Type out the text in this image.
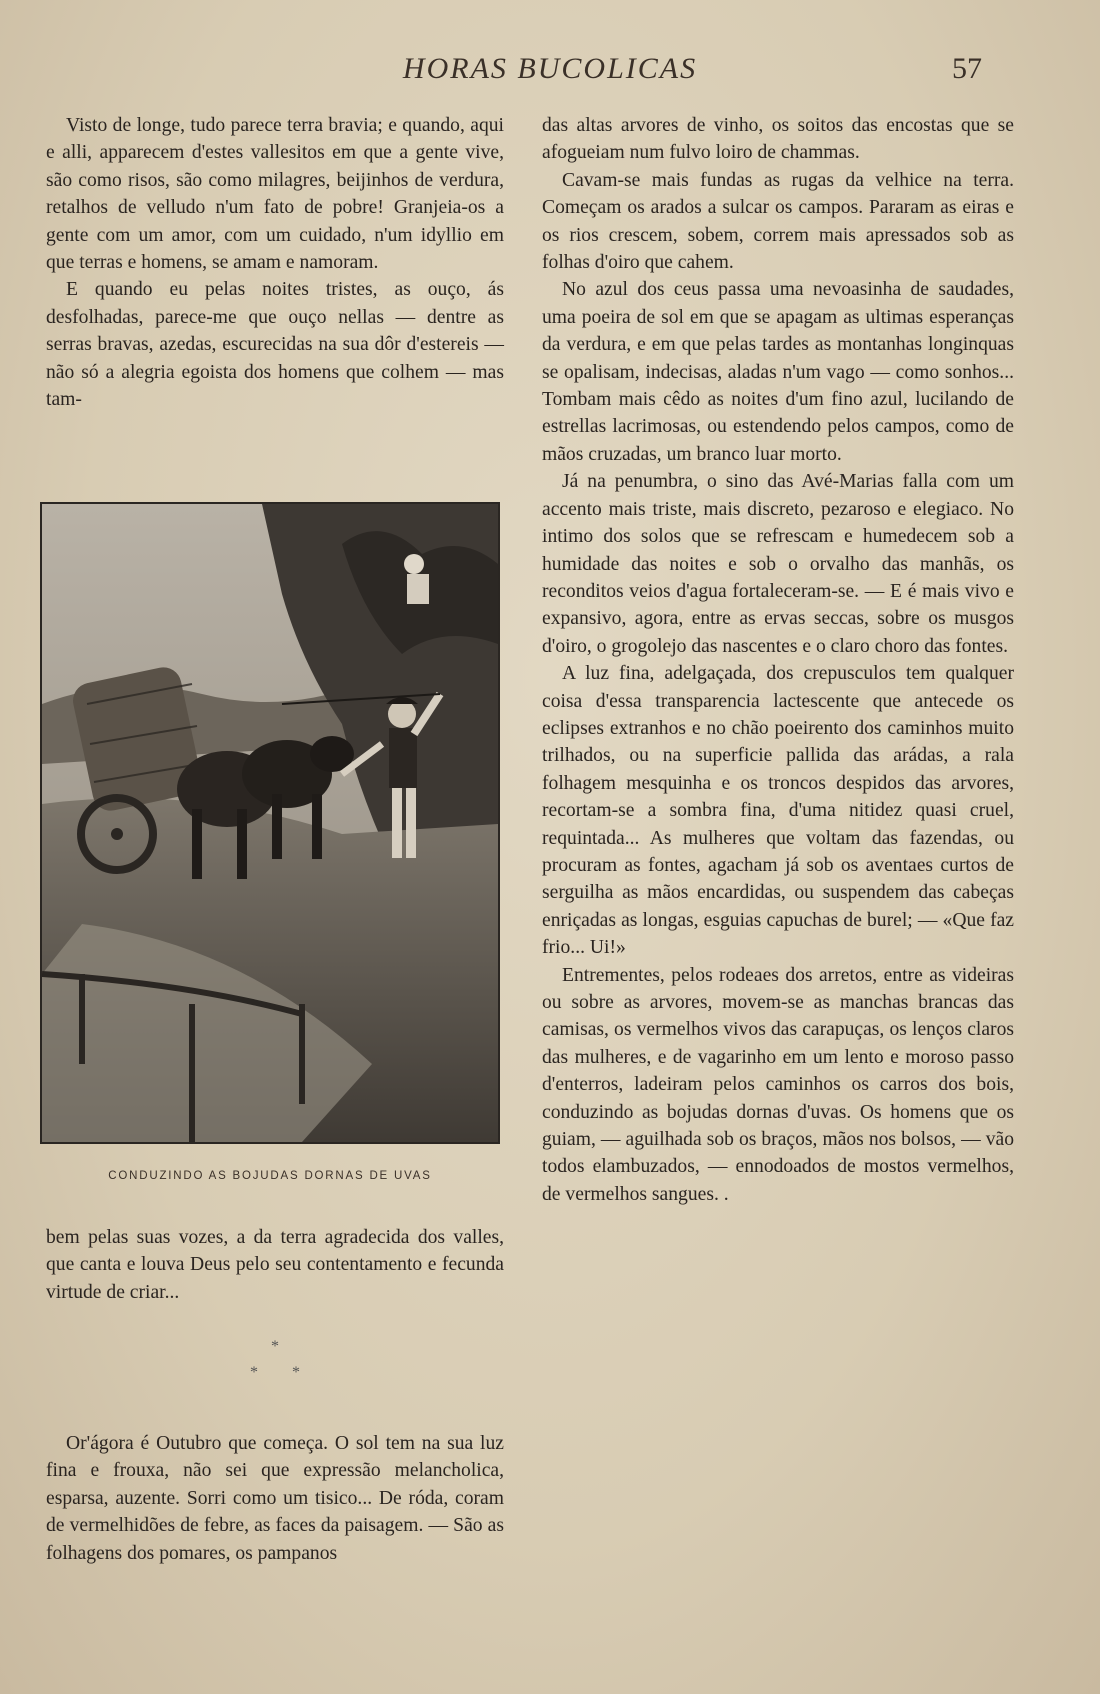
HORAS BUCOLICAS	57

Visto de longe, tudo parece terra bravia; e quando, aqui e alli, apparecem d'estes vallesitos em que a gente vive, são como risos, são como milagres, beijinhos de verdura, retalhos de velludo n'um fato de pobre! Granjeia-os a gente com um amor, com um cuidado, n'um idyllio em que terras e homens, se amam e namoram.

E quando eu pelas noites tristes, as ouço, ás desfolhadas, parece-me que ouço nellas — dentre as serras bravas, azedas, escurecidas na sua dôr d'estereis — não só a alegria egoista dos homens que colhem — mas tam-

CONDUZINDO AS BOJUDAS DORNAS DE UVAS

bem pelas suas vozes, a da terra agradecida dos valles, que canta e louva Deus pelo seu contentamento e fecunda virtude de criar...

*
* *

Or'ágora é Outubro que começa. O sol tem na sua luz fina e frouxa, não sei que expressão melancholica, esparsa, auzente. Sorri como um tisico... De róda, coram de vermelhidões de febre, as faces da paisagem. — São as folhagens dos pomares, os pampanos

das altas arvores de vinho, os soitos das encostas que se afogueiam num fulvo loiro de chammas.

Cavam-se mais fundas as rugas da velhice na terra. Começam os arados a sulcar os campos. Pararam as eiras e os rios crescem, sobem, correm mais apressados sob as folhas d'oiro que cahem.

No azul dos ceus passa uma nevoasinha de saudades, uma poeira de sol em que se apagam as ultimas esperanças da verdura, e em que pelas tardes as montanhas longinquas se opalisam, indecisas, aladas n'um vago — como sonhos... Tombam mais cêdo as noites d'um fino azul, lucilando de estrellas lacrimosas, ou estendendo pelos campos, como de mãos cruzadas, um branco luar morto.

Já na penumbra, o sino das Avé-Marias falla com um accento mais triste, mais discreto, pezaroso e elegiaco. No intimo dos solos que se refrescam e humedecem sob a humidade das noites e sob o orvalho das manhãs, os reconditos veios d'agua fortaleceram-se. — E é mais vivo e expansivo, agora, entre as ervas seccas, sobre os musgos d'oiro, o grogolejo das nascentes e o claro choro das fontes.

A luz fina, adelgaçada, dos crepusculos tem qualquer coisa d'essa transparencia lactescente que antecede os eclipses extranhos e no chão poeirento dos caminhos muito trilhados, ou na superficie pallida das arádas, a rala folhagem mesquinha e os troncos despidos das arvores, recortam-se a sombra fina, d'uma nitidez quasi cruel, requintada... As mulheres que voltam das fazendas, ou procuram as fontes, agacham já sob os aventaes curtos de serguilha as mãos encardidas, ou suspendem das cabeças enriçadas as longas, esguias capuchas de burel; — «Que faz frio... Ui!»

Entrementes, pelos rodeaes dos arretos, entre as videiras ou sobre as arvores, movem-se as manchas brancas das camisas, os vermelhos vivos das carapuças, os lenços claros das mulheres, e de vagarinho em um lento e moroso passo d'enterros, ladeiram pelos caminhos os carros dos bois, conduzindo as bojudas dornas d'uvas. Os homens que os guiam, — aguilhada sob os braços, mãos nos bolsos, — vão todos elambuzados, — ennodoados de mostos vermelhos, de vermelhos sangues. .
